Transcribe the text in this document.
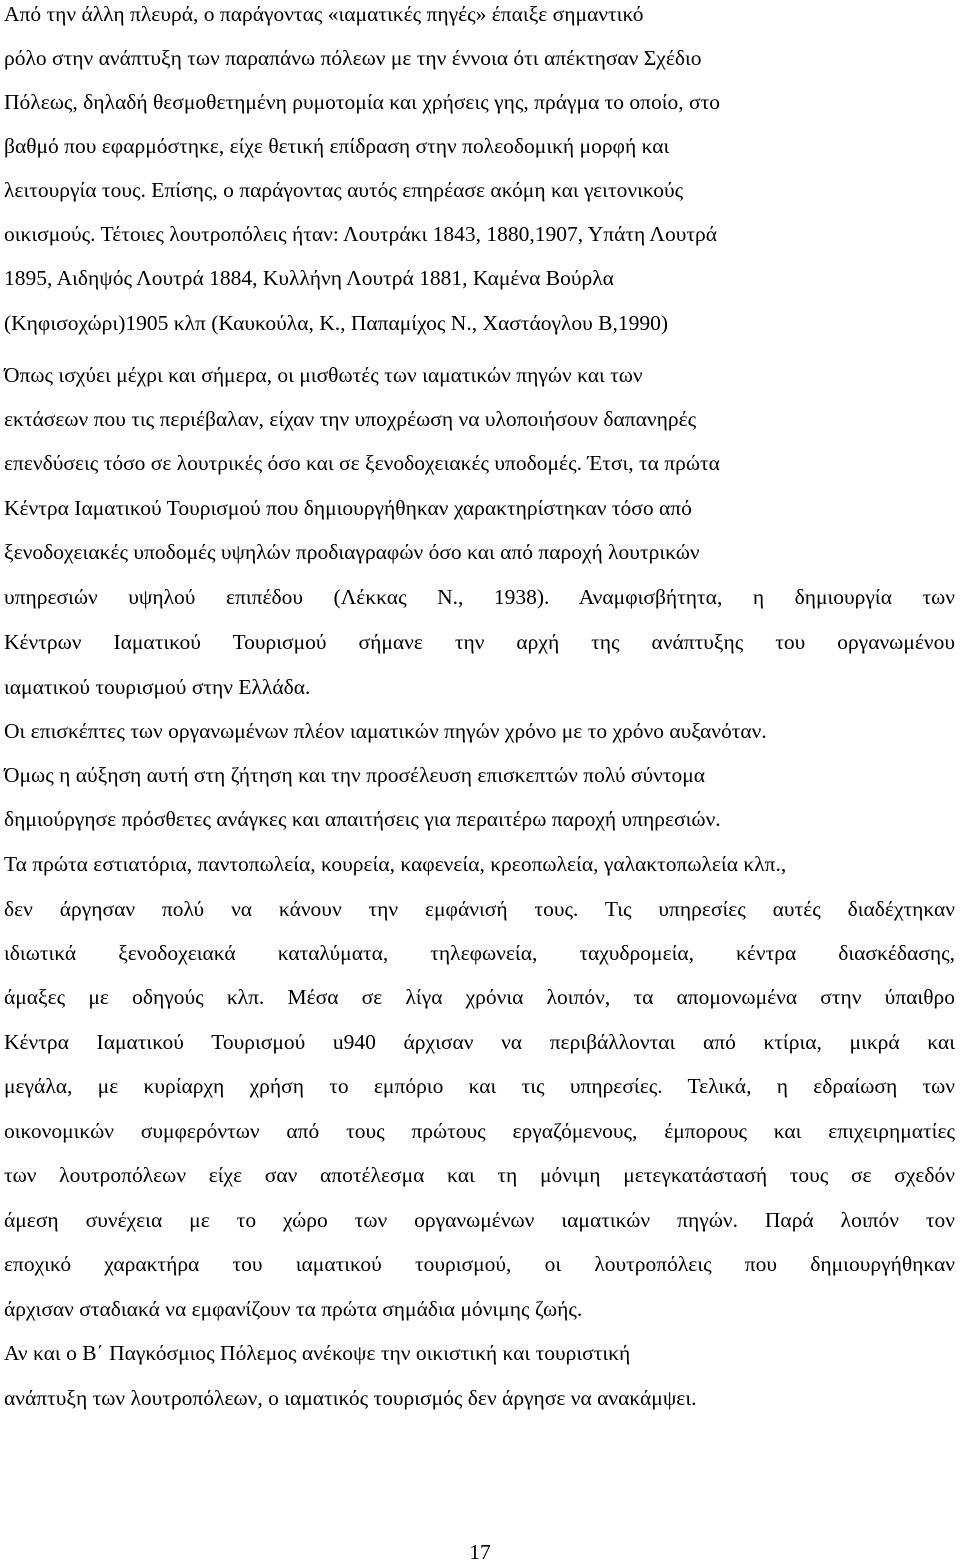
Από την άλλη πλευρά, ο παράγοντας «ιαματικές πηγές» έπαιξε σημαντικό
ρόλο στην ανάπτυξη των παραπάνω πόλεων με την έννοια ότι απέκτησαν Σχέδιο
Πόλεως, δηλαδή θεσμοθετημένη ρυμοτομία και χρήσεις γης, πράγμα το οποίο, στο
βαθμό που εφαρμόστηκε, είχε θετική επίδραση στην πολεοδομική μορφή και
λειτουργία τους. Επίσης, ο παράγοντας αυτός επηρέασε ακόμη και γειτονικούς
οικισμούς. Τέτοιες λουτροπόλεις ήταν: Λουτράκι 1843, 1880,1907, Υπάτη Λουτρά
1895, Αιδηψός Λουτρά 1884, Κυλλήνη Λουτρά 1881, Καμένα Βούρλα
(Κηφισοχώρι)1905 κλπ (Καυκούλα, Κ., Παπαμίχος Ν., Χαστάογλου Β,1990)
Όπως ισχύει μέχρι και σήμερα, οι μισθωτές των ιαματικών πηγών και των
εκτάσεων που τις περιέβαλαν, είχαν την υποχρέωση να υλοποιήσουν δαπανηρές
επενδύσεις τόσο σε λουτρικές όσο και σε ξενοδοχειακές υποδομές. Έτσι, τα πρώτα
Κέντρα Ιαματικού Τουρισμού που δημιουργήθηκαν χαρακτηρίστηκαν τόσο από
ξενοδοχειακές υποδομές υψηλών προδιαγραφών όσο και από παροχή λουτρικών
υπηρεσιών υψηλού επιπέδου (Λέκκας Ν., 1938). Αναμφισβήτητα, η δημιουργία των
Κέντρων Ιαματικού Τουρισμού σήμανε την αρχή της ανάπτυξης του οργανωμένου
ιαματικού τουρισμού στην Ελλάδα.
Οι επισκέπτες των οργανωμένων πλέον ιαματικών πηγών χρόνο με το χρόνο αυξανόταν.
Όμως η αύξηση αυτή στη ζήτηση και την προσέλευση επισκεπτών πολύ σύντομα
δημιούργησε πρόσθετες ανάγκες και απαιτήσεις για περαιτέρω παροχή υπηρεσιών.
Τα πρώτα εστιατόρια, παντοπωλεία, κουρεία, καφενεία, κρεοπωλεία, γαλακτοπωλεία κλπ.,
δεν άργησαν πολύ να κάνουν την εμφάνισή τους. Τις υπηρεσίες αυτές διαδέχτηκαν
ιδιωτικά ξενοδοχειακά καταλύματα, τηλεφωνεία, ταχυδρομεία, κέντρα διασκέδασης,
άμαξες με οδηγούς κλπ. Μέσα σε λίγα χρόνια λοιπόν, τα απομονωμένα στην ύπαιθρο
Κέντρα Ιαματικού Τουρισμού u940 άρχισαν να περιβάλλονται από κτίρια, μικρά και
μεγάλα, με κυρίαρχη χρήση το εμπόριο και τις υπηρεσίες. Τελικά, η εδραίωση των
οικονομικών συμφερόντων από τους πρώτους εργαζόμενους, έμπορους και επιχειρηματίες
των λουτροπόλεων είχε σαν αποτέλεσμα και τη μόνιμη μετεγκατάστασή τους σε σχεδόν
άμεση συνέχεια με το χώρο των οργανωμένων ιαματικών πηγών. Παρά λοιπόν τον
εποχικό χαρακτήρα του ιαματικού τουρισμού, οι λουτροπόλεις που δημιουργήθηκαν
άρχισαν σταδιακά να εμφανίζουν τα πρώτα σημάδια μόνιμης ζωής.
Αν και ο Β΄ Παγκόσμιος Πόλεμος ανέκοψε την οικιστική και τουριστική
ανάπτυξη των λουτροπόλεων, ο ιαματικός τουρισμός δεν άργησε να ανακάμψει.
17
